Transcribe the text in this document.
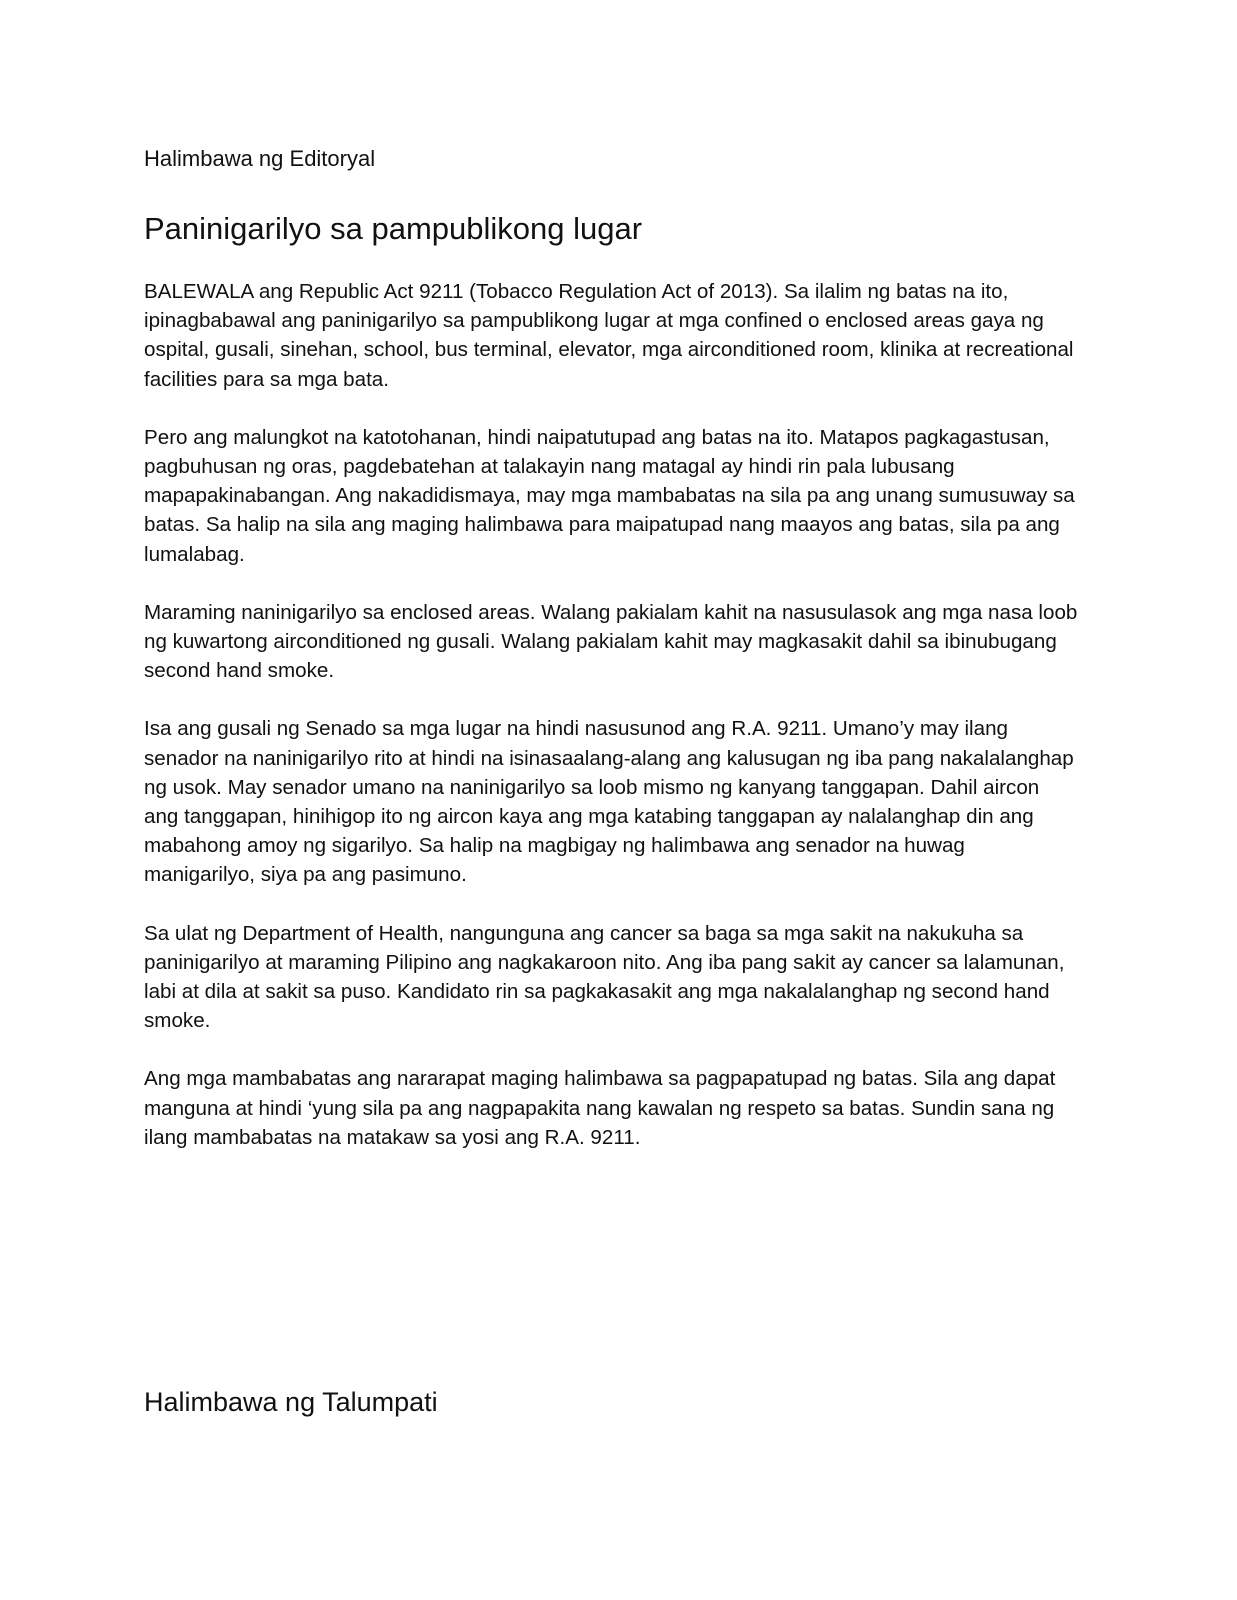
Halimbawa ng Editoryal

Paninigarilyo sa pampublikong lugar

BALEWALA ang Republic Act 9211 (Tobacco Regulation Act of 2013). Sa ilalim ng batas na ito, ipinagbabawal ang paninigarilyo sa pampublikong lugar at mga confined o enclosed areas gaya ng ospital, gusali, sinehan, school, bus terminal, elevator, mga airconditioned room, klinika at recreational facilities para sa mga bata.

Pero ang malungkot na katotohanan, hindi naipatutupad ang batas na ito. Matapos pagkagastusan, pagbuhusan ng oras, pagdebatehan at talakayin nang matagal ay hindi rin pala lubusang mapapakinabangan. Ang nakadidismaya, may mga mambabatas na sila pa ang unang sumusuway sa batas. Sa halip na sila ang maging halimbawa para maipatupad nang maayos ang batas, sila pa ang lumalabag.

Maraming naninigarilyo sa enclosed areas. Walang pakialam kahit na nasusulasok ang mga nasa loob ng kuwartong airconditioned ng gusali. Walang pakialam kahit may magkasakit dahil sa ibinubugang second hand smoke.

Isa ang gusali ng Senado sa mga lugar na hindi nasusunod ang R.A. 9211. Umano’y may ilang senador na naninigarilyo rito at hindi na isinasaalang-alang ang kalusugan ng iba pang nakalalanghap ng usok. May senador umano na naninigarilyo sa loob mismo ng kanyang tanggapan. Dahil aircon ang tanggapan, hinihigop ito ng aircon kaya ang mga katabing tanggapan ay nalalanghap din ang mabahong amoy ng sigarilyo. Sa halip na magbigay ng halimbawa ang senador na huwag manigarilyo, siya pa ang pasimuno.

Sa ulat ng Department of Health, nangunguna ang cancer sa baga sa mga sakit na nakukuha sa paninigarilyo at maraming Pilipino ang nagkakaroon nito. Ang iba pang sakit ay cancer sa lalamunan, labi at dila at sakit sa puso. Kandidato rin sa pagkakasakit ang mga nakalalanghap ng second hand smoke.

Ang mga mambabatas ang nararapat maging halimbawa sa pagpapatupad ng batas. Sila ang dapat manguna at hindi ‘yung sila pa ang nagpapakita nang kawalan ng respeto sa batas. Sundin sana ng ilang mambabatas na matakaw sa yosi ang R.A. 9211.

Halimbawa ng Talumpati
